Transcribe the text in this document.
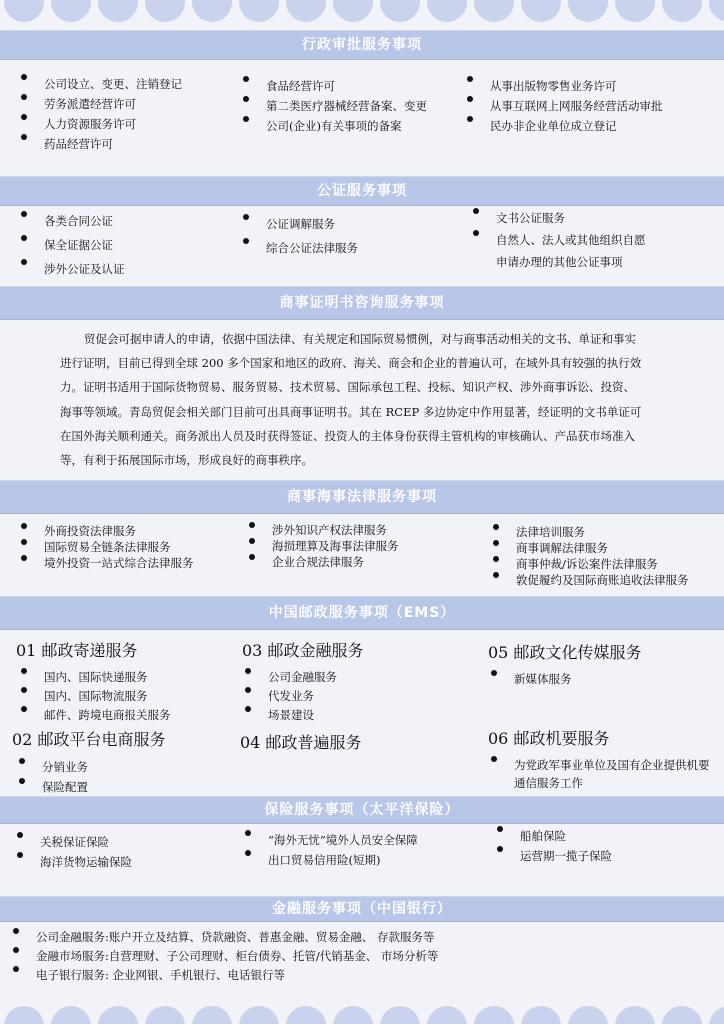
行政审批服务事项
公司设立、变更、注销登记
劳务派遣经营许可
人力资源服务许可
药品经营许可
食品经营许可
第二类医疗器械经营备案、变更
公司(企业)有关事项的备案
从事出版物零售业务许可
从事互联网上网服务经营活动审批
民办非企业单位成立登记
公证服务事项
各类合同公证
保全证据公证
涉外公证及认证
公证调解服务
综合公证法律服务
文书公证服务
自然人、法人或其他组织自愿
申请办理的其他公证事项
商事证明书咨询服务事项

贸促会可据申请人的申请，依据中国法律、有关规定和国际贸易惯例，对与商事活动相关的文书、单证和事实
进行证明，目前已得到全球 200 多个国家和地区的政府、海关、商会和企业的普遍认可，在域外具有较强的执行效
力。证明书适用于国际货物贸易、服务贸易、技术贸易、国际承包工程、投标、知识产权、涉外商事诉讼、投资、
海事等领域。青岛贸促会相关部门目前可出具商事证明书。其在 RCEP 多边协定中作用显著，经证明的文书单证可
在国外海关顺利通关。商务派出人员及时获得签证、投资人的主体身份获得主管机构的审核确认、产品获市场准入
等，有利于拓展国际市场，形成良好的商事秩序。

商事海事法律服务事项
外商投资法律服务
国际贸易全链条法律服务
境外投资一站式综合法律服务
涉外知识产权法律服务
海损理算及海事法律服务
企业合规法律服务
法律培训服务
商事调解法律服务
商事仲裁/诉讼案件法律服务
敦促履约及国际商账追收法律服务
中国邮政服务事项（EMS）
01 邮政寄递服务
国内、国际快递服务
国内、国际物流服务
邮件、跨境电商报关服务
02 邮政平台电商服务
分销业务
保险配置
03 邮政金融服务
公司金融服务
代发业务
场景建设
04 邮政普遍服务
05 邮政文化传媒服务
新媒体服务
06 邮政机要服务
为党政军事业单位及国有企业提供机要
通信服务工作
保险服务事项（太平洋保险）
关税保证保险
海洋货物运输保险
“海外无忧”境外人员安全保障
出口贸易信用险(短期)
船舶保险
运营期一揽子保险
金融服务事项（中国银行）
公司金融服务:账户开立及结算、贷款融资、普惠金融、贸易金融、 存款服务等
金融市场服务:自营理财、子公司理财、柜台债券、托管/代销基金、 市场分析等
电子银行服务: 企业网银、手机银行、电话银行等
